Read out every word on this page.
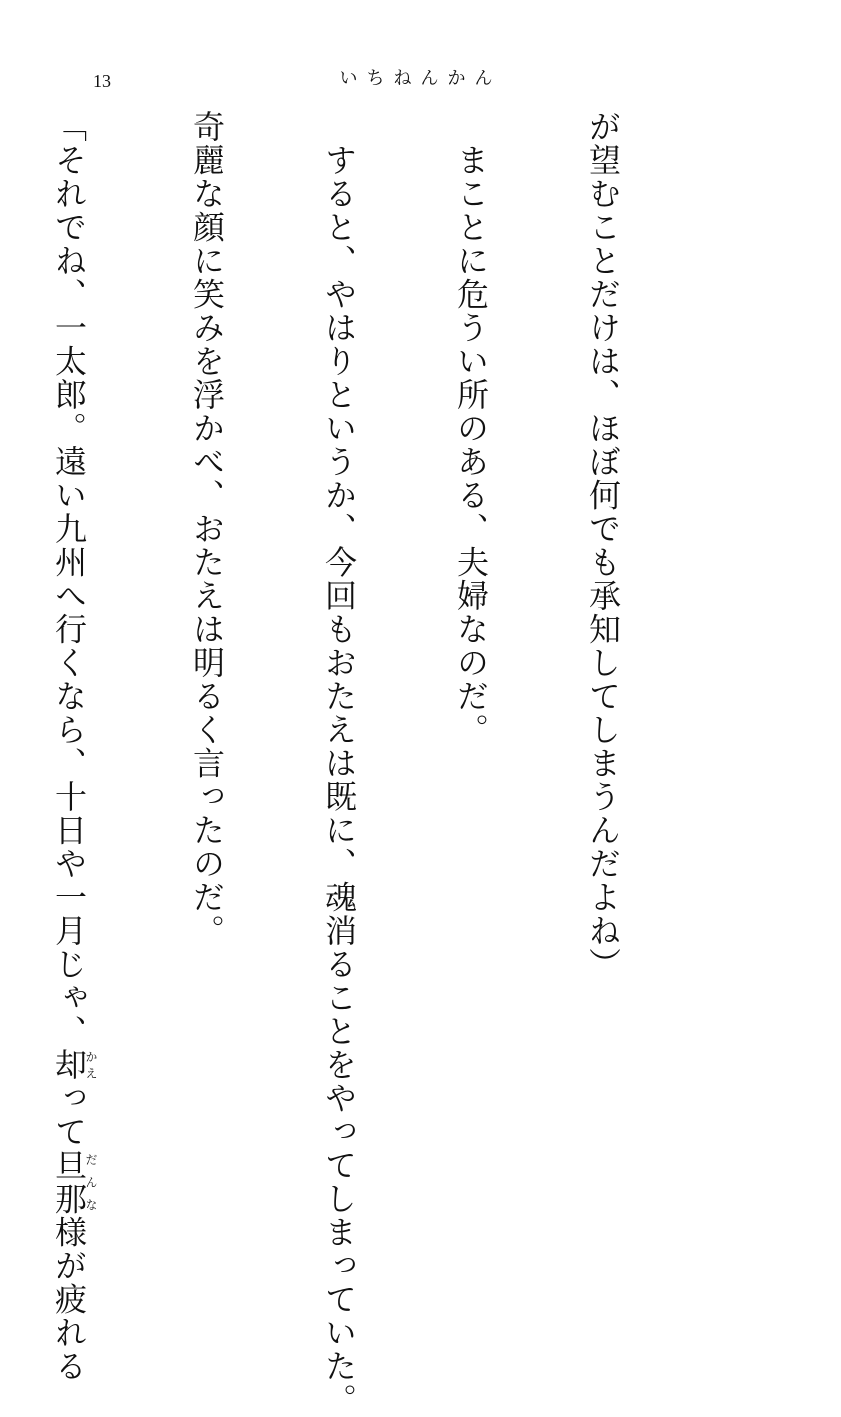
13	いちねんかん

が望むことだけは、ほぼ何でも承知してしまうんだよね）

　まことに危うい所のある、夫婦なのだ。

　すると、やはりというか、今回もおたえは既に、魂消ることをやってしまっていた。

奇麗な顔に笑みを浮かべ、おたえは明るく言ったのだ。

「それでね、一太郎。遠い九州へ行くなら、十日や一月じゃ、却かえって旦那だんな様が疲れる
